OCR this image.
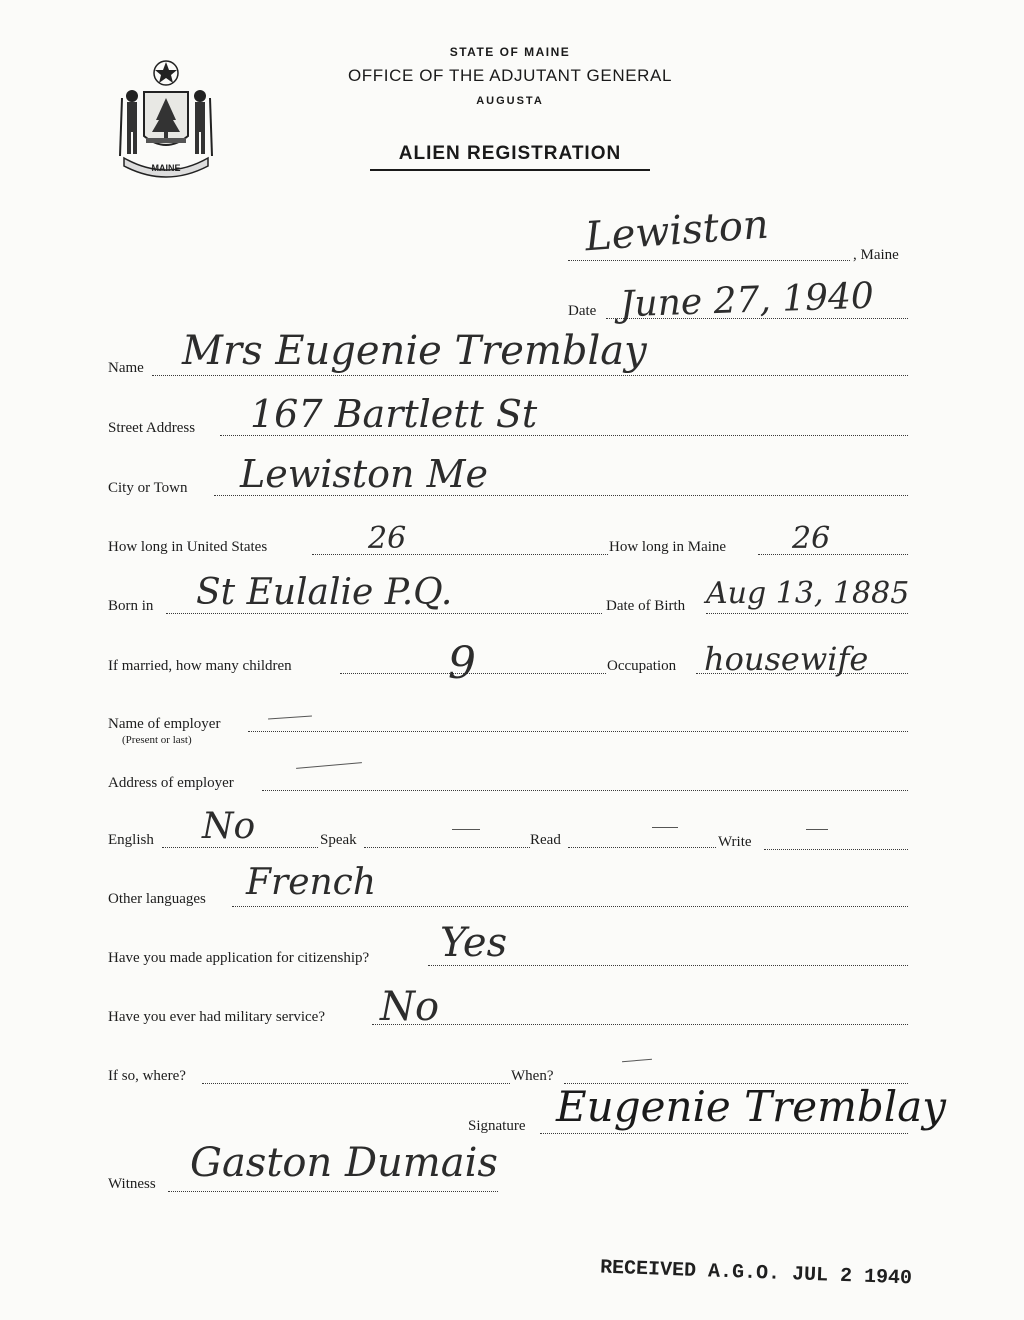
MAINE
STATE OF MAINE
OFFICE OF THE ADJUTANT GENERAL
AUGUSTA
ALIEN REGISTRATION
Lewiston	, Maine
Date June 27, 1940
Name Mrs Eugenie Tremblay
Street Address 167 Bartlett St
City or Town Lewiston Me
How long in United States	26	How long in Maine 26
Born in St Eulalie P.Q.	Date of Birth Aug 13, 1885
If married, how many children	9	Occupation housewife
Name of employer
(Present or last)
Address of employer
English No	Speak	Read	Write
Other languages French
Have you made application for citizenship? Yes
Have you ever had military service? No
If so, where?	When?
Signature Eugenie Tremblay
Witness Gaston Dumais
RECEIVED A.G.O. JUL 2 1940
